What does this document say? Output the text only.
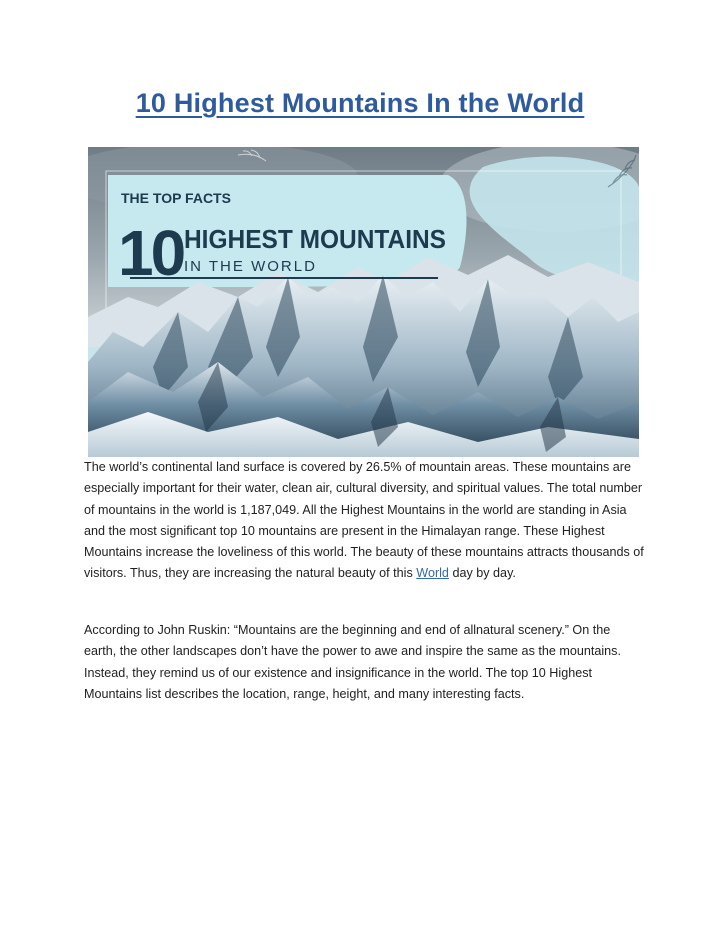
10 Highest Mountains In the World
THE TOP FACTS
10 HIGHEST MOUNTAINS
IN THE WORLD

The world’s continental land surface is covered by 26.5% of mountain areas. These mountains are especially important for their water, clean air, cultural diversity, and spiritual values. The total number of mountains in the world is 1,187,049. All the Highest Mountains in the world are standing in Asia and the most significant top 10 mountains are present in the Himalayan range. These Highest Mountains increase the loveliness of this world. The beauty of these mountains attracts thousands of visitors. Thus, they are increasing the natural beauty of this World day by day.

According to John Ruskin: “Mountains are the beginning and end of allnatural scenery.” On the earth, the other landscapes don’t have the power to awe and inspire the same as the mountains. Instead, they remind us of our existence and insignificance in the world. The top 10 Highest Mountains list describes the location, range, height, and many interesting facts.
